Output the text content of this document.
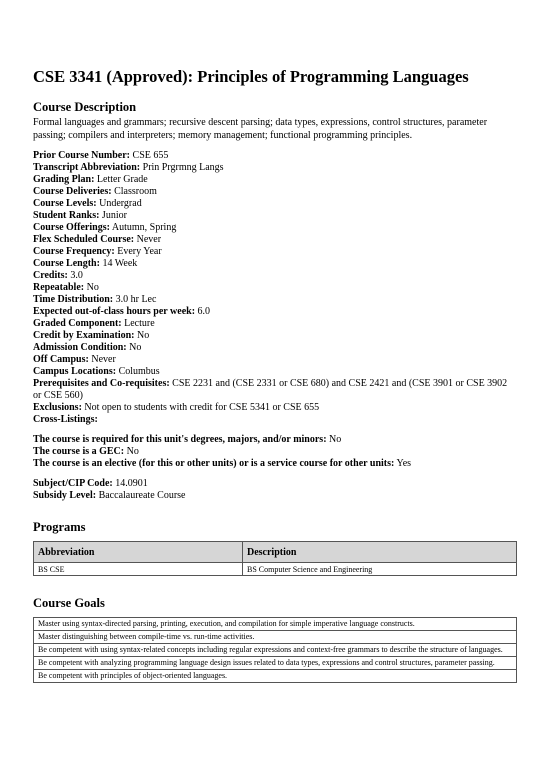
CSE 3341 (Approved): Principles of Programming Languages
Course Description

Formal languages and grammars; recursive descent parsing; data types, expressions, control structures, parameter passing; compilers and interpreters; memory management; functional programming principles.

Prior Course Number: CSE 655
Transcript Abbreviation: Prin Prgrmng Langs
Grading Plan: Letter Grade
Course Deliveries: Classroom
Course Levels: Undergrad
Student Ranks: Junior
Course Offerings: Autumn, Spring
Flex Scheduled Course: Never
Course Frequency: Every Year
Course Length: 14 Week
Credits: 3.0
Repeatable: No
Time Distribution: 3.0 hr Lec
Expected out-of-class hours per week: 6.0
Graded Component: Lecture
Credit by Examination: No
Admission Condition: No
Off Campus: Never
Campus Locations: Columbus
Prerequisites and Co-requisites: CSE 2231 and (CSE 2331 or CSE 680) and CSE 2421 and (CSE 3901 or CSE 3902 or CSE 560)
Exclusions: Not open to students with credit for CSE 5341 or CSE 655
Cross-Listings:
The course is required for this unit's degrees, majors, and/or minors: No
The course is a GEC: No
The course is an elective (for this or other units) or is a service course for other units: Yes
Subject/CIP Code: 14.0901
Subsidy Level: Baccalaureate Course
Programs
Abbreviation	Description
BS CSE	BS Computer Science and Engineering
Course Goals
Master using syntax-directed parsing, printing, execution, and compilation for simple imperative language constructs.
Master distinguishing between compile-time vs. run-time activities.
Be competent with using syntax-related concepts including regular expressions and context-free grammars to describe the structure of languages.
Be competent with analyzing programming language design issues related to data types, expressions and control structures, parameter passing.
Be competent with principles of object-oriented languages.
